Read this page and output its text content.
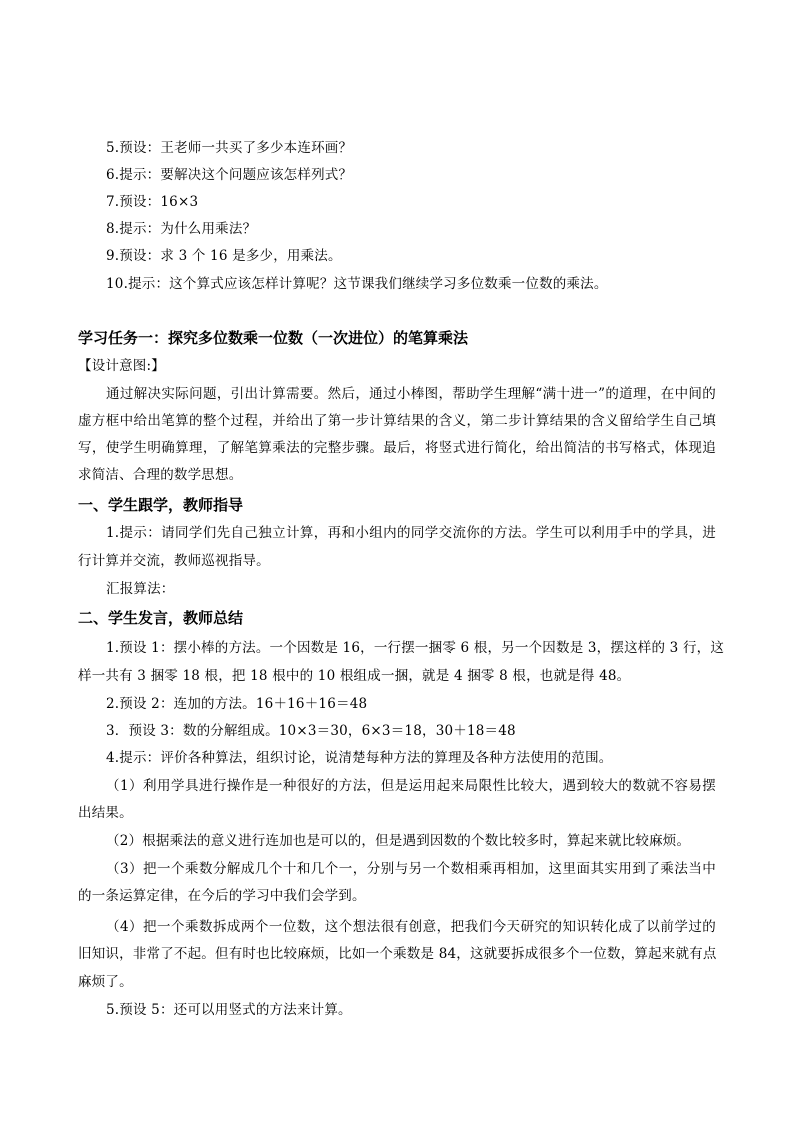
5.预设：王老师一共买了多少本连环画？
6.提示：要解决这个问题应该怎样列式？
7.预设：16×3
8.提示：为什么用乘法？
9.预设：求 3 个 16 是多少，用乘法。
10.提示：这个算式应该怎样计算呢？这节课我们继续学习多位数乘一位数的乘法。
学习任务一：探究多位数乘一位数（一次进位）的笔算乘法
【设计意图:】
通过解决实际问题，引出计算需要。然后，通过小棒图，帮助学生理解“满十进一”的道理，在中间的
虚方框中给出笔算的整个过程，并给出了第一步计算结果的含义，第二步计算结果的含义留给学生自己填
写，使学生明确算理，了解笔算乘法的完整步骤。最后，将竖式进行简化，给出简洁的书写格式，体现追
求简洁、合理的数学思想。
一、学生跟学，教师指导
1.提示：请同学们先自己独立计算，再和小组内的同学交流你的方法。学生可以利用手中的学具，进
行计算并交流，教师巡视指导。
汇报算法：
二、学生发言，教师总结
1.预设 1：摆小棒的方法。一个因数是 16，一行摆一捆零 6 根，另一个因数是 3，摆这样的 3 行，这
样一共有 3 捆零 18 根，把 18 根中的 10 根组成一捆，就是 4 捆零 8 根，也就是得 48。
2.预设 2：连加的方法。16＋16＋16＝48
3．预设 3：数的分解组成。10×3＝30，6×3＝18，30＋18＝48
4.提示：评价各种算法，组织讨论，说清楚每种方法的算理及各种方法使用的范围。
（1）利用学具进行操作是一种很好的方法，但是运用起来局限性比较大，遇到较大的数就不容易摆
出结果。
（2）根据乘法的意义进行连加也是可以的，但是遇到因数的个数比较多时，算起来就比较麻烦。
（3）把一个乘数分解成几个十和几个一，分别与另一个数相乘再相加，这里面其实用到了乘法当中
的一条运算定律，在今后的学习中我们会学到。
（4）把一个乘数拆成两个一位数，这个想法很有创意，把我们今天研究的知识转化成了以前学过的
旧知识，非常了不起。但有时也比较麻烦，比如一个乘数是 84，这就要拆成很多个一位数，算起来就有点
麻烦了。
5.预设 5：还可以用竖式的方法来计算。
